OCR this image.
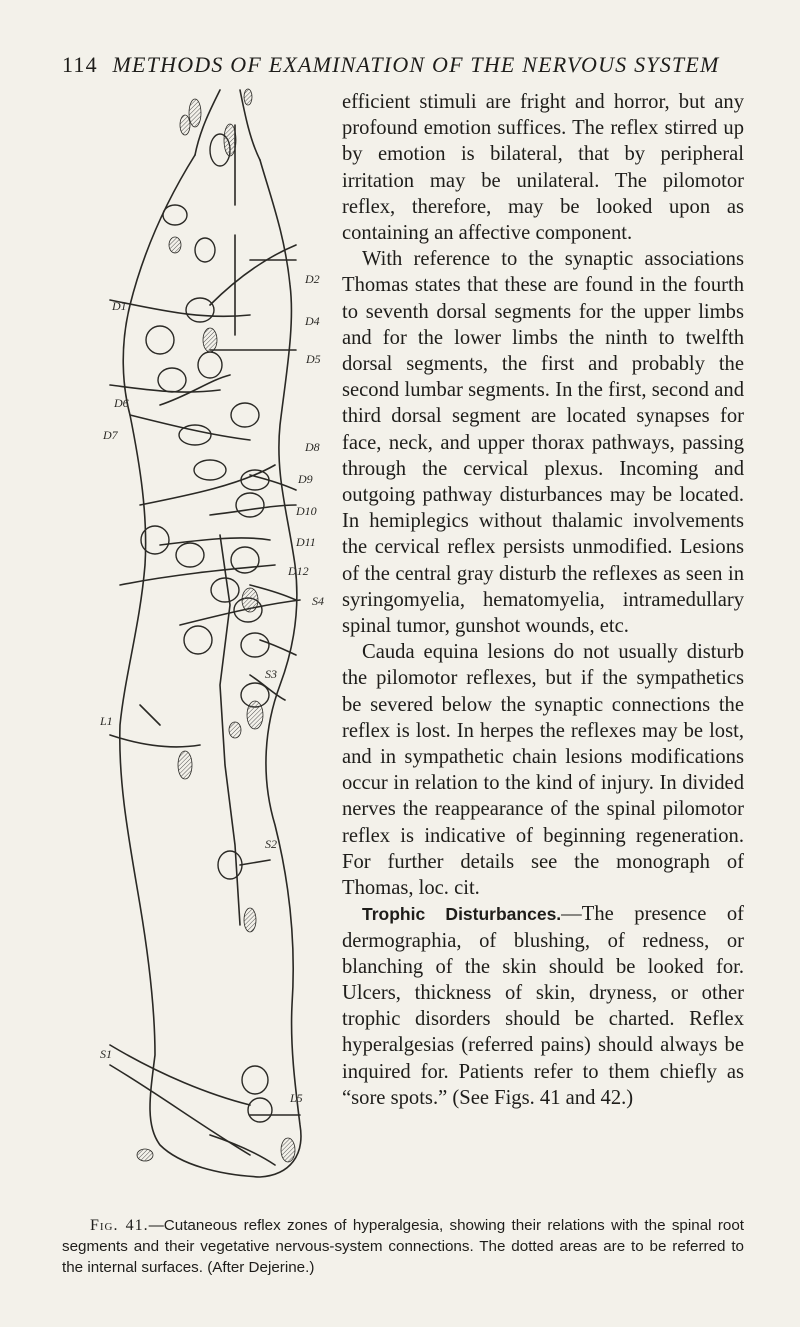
114 METHODS OF EXAMINATION OF THE NERVOUS SYSTEM
D2
D4
D5
D1
D6
D7
D8
D9
D10
D11
D12
S4
S3
L1
S2
S1
L5

efficient stimuli are fright and horror, but any profound emotion suffices. The reflex stirred up by emotion is bilateral, that by peripheral irritation may be unilateral. The pilomotor reflex, therefore, may be looked upon as containing an affective component.

With reference to the synaptic associations Thomas states that these are found in the fourth to seventh dorsal segments for the upper limbs and for the lower limbs the ninth to twelfth dorsal segments, the first and probably the second lumbar segments. In the first, second and third dorsal segment are located synapses for face, neck, and upper thorax pathways, passing through the cervical plexus. Incoming and outgoing pathway disturbances may be located. In hemiplegics without thalamic involvements the cervical reflex persists unmodified. Lesions of the central gray disturb the reflexes as seen in syringomyelia, hematomyelia, intramedullary spinal tumor, gunshot wounds, etc.

Cauda equina lesions do not usually disturb the pilomotor reflexes, but if the sympathetics be severed below the synaptic connections the reflex is lost. In herpes the reflexes may be lost, and in sympathetic chain lesions modifications occur in relation to the kind of injury. In divided nerves the reappearance of the spinal pilomotor reflex is indicative of beginning regeneration. For further details see the monograph of Thomas, loc. cit.

Trophic Disturbances.—The presence of dermographia, of blushing, of redness, or blanching of the skin should be looked for. Ulcers, thickness of skin, dryness, or other trophic disorders should be charted. Reflex hyperalgesias (referred pains) should always be inquired for. Patients refer to them chiefly as “sore spots.” (See Figs. 41 and 42.)

Fig. 41.—Cutaneous reflex zones of hyperalgesia, showing their relations with the spinal root segments and their vegetative nervous-system connections. The dotted areas are to be referred to the internal surfaces. (After Dejerine.)
